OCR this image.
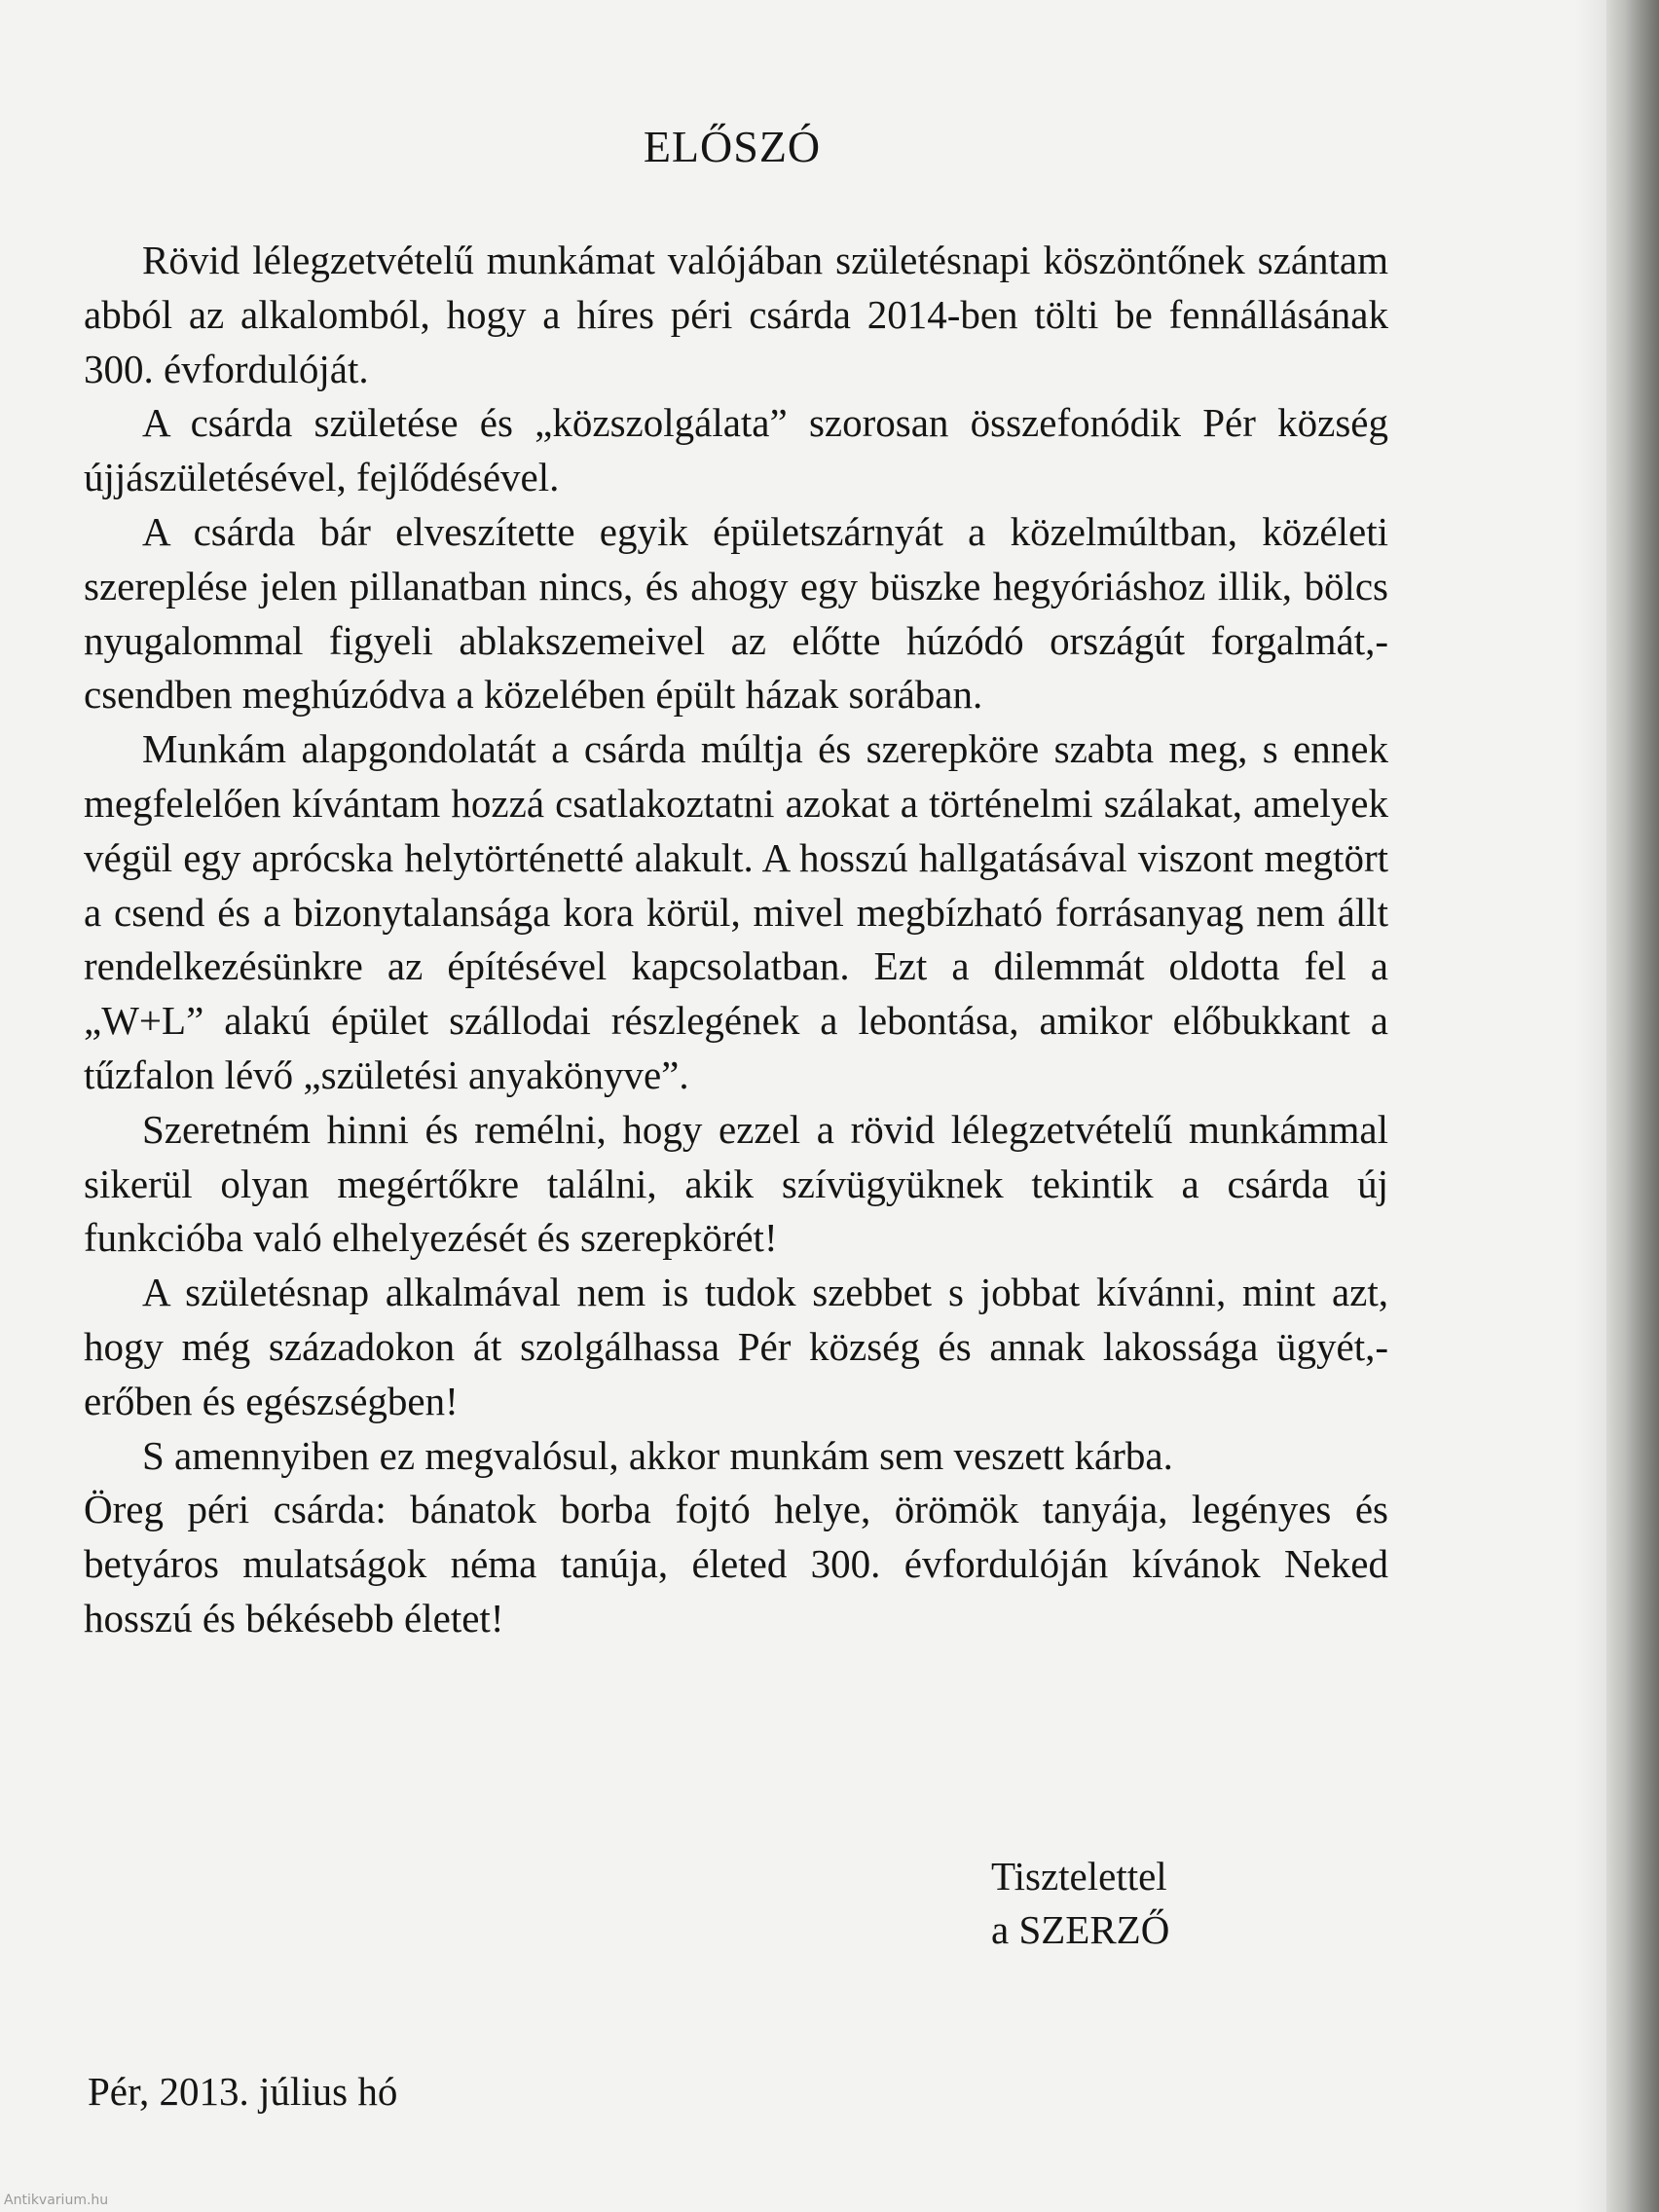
ELŐSZÓ

Rövid lélegzetvételű munkámat valójában születésnapi köszöntőnek szántam abból az alkalomból, hogy a híres péri csárda 2014-ben tölti be fennállásának 300. évfordulóját.

A csárda születése és „közszolgálata” szorosan összefonódik Pér község újjászületésével, fejlődésével.

A csárda bár elveszítette egyik épületszárnyát a közelmúltban, közéleti szereplése jelen pillanatban nincs, és ahogy egy büszke hegyóriáshoz illik, bölcs nyugalommal figyeli ablakszemeivel az előtte húzódó országút forgalmát,- csendben meghúzódva a közelében épült házak sorában.

Munkám alapgondolatát a csárda múltja és szerepköre szabta meg, s ennek megfelelően kívántam hozzá csatlakoztatni azokat a történelmi szálakat, amelyek végül egy aprócska helytörténetté alakult. A hosszú hallgatásával viszont megtört a csend és a bizonytalansága kora körül, mivel megbízható forrásanyag nem állt rendelkezésünkre az építésével kapcsolatban. Ezt a dilemmát oldotta fel a „W+L” alakú épület szállodai részlegének a lebontása, amikor előbukkant a tűzfalon lévő „születési anyakönyve”.

Szeretném hinni és remélni, hogy ezzel a rövid lélegzetvételű munkámmal sikerül olyan megértőkre találni, akik szívügyüknek tekintik a csárda új funkcióba való elhelyezését és szerepkörét!

A születésnap alkalmával nem is tudok szebbet s jobbat kívánni, mint azt, hogy még századokon át szolgálhassa Pér község és annak lakossága ügyét,- erőben és egészségben!

S amennyiben ez megvalósul, akkor munkám sem veszett kárba.

Öreg péri csárda: bánatok borba fojtó helye, örömök tanyája, legényes és betyáros mulatságok néma tanúja, életed 300. évfordulóján kívánok Neked hosszú és békésebb életet!

Tisztelettel
a SZERZŐ
Pér, 2013. július hó
Antikvarium.hu
